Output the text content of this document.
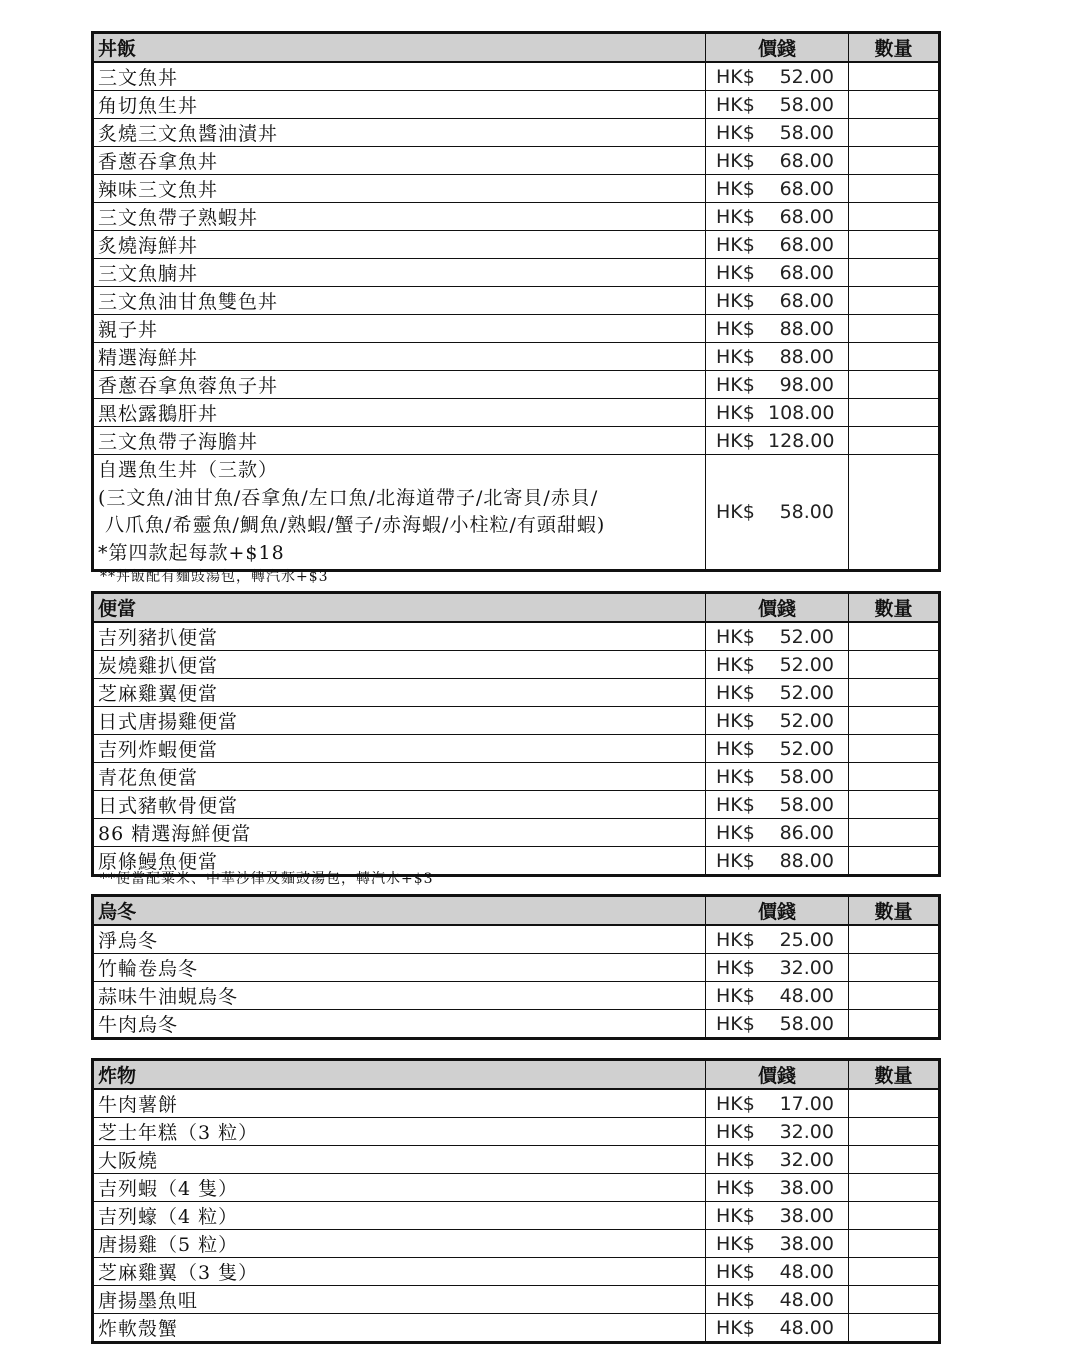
丼飯	價錢	數量
三文魚丼	HK$ 52.00	
角切魚生丼	HK$ 58.00	
炙燒三文魚醬油漬丼	HK$ 58.00	
香蔥吞拿魚丼	HK$ 68.00	
辣味三文魚丼	HK$ 68.00	
三文魚帶子熟蝦丼	HK$ 68.00	
炙燒海鮮丼	HK$ 68.00	
三文魚腩丼	HK$ 68.00	
三文魚油甘魚雙色丼	HK$ 68.00	
親子丼	HK$ 88.00	
精選海鮮丼	HK$ 88.00	
香蔥吞拿魚蓉魚子丼	HK$ 98.00	
黑松露鵝肝丼	HK$ 108.00	
三文魚帶子海膽丼	HK$ 128.00	

自選魚生丼（三款）
(三文魚/油甘魚/吞拿魚/左口魚/北海道帶子/北寄貝/赤貝/
八爪魚/希靈魚/鯛魚/熟蝦/蟹子/赤海蝦/小柱粒/有頭甜蝦)
*第四款起每款+$18	HK$ 58.00	
**丼飯配有麵豉湯包，轉汽水+$3
便當	價錢	數量
吉列豬扒便當	HK$ 52.00	
炭燒雞扒便當	HK$ 52.00	
芝麻雞翼便當	HK$ 52.00	
日式唐揚雞便當	HK$ 52.00	
吉列炸蝦便當	HK$ 52.00	
青花魚便當	HK$ 58.00	
日式豬軟骨便當	HK$ 58.00	
86 精選海鮮便當	HK$ 86.00	
原條鰻魚便當	HK$ 88.00	
**便當配粟米、中華沙律及麵豉湯包，轉汽水+$3
烏冬	價錢	數量
淨烏冬	HK$ 25.00	
竹輪卷烏冬	HK$ 32.00	
蒜味牛油蜆烏冬	HK$ 48.00	
牛肉烏冬	HK$ 58.00	
炸物	價錢	數量
牛肉薯餅	HK$ 17.00	
芝士年糕（3 粒）	HK$ 32.00	
大阪燒	HK$ 32.00	
吉列蝦（4 隻）	HK$ 38.00	
吉列蠔（4 粒）	HK$ 38.00	
唐揚雞（5 粒）	HK$ 38.00	
芝麻雞翼（3 隻）	HK$ 48.00	
唐揚墨魚咀	HK$ 48.00	
炸軟殼蟹	HK$ 48.00	
